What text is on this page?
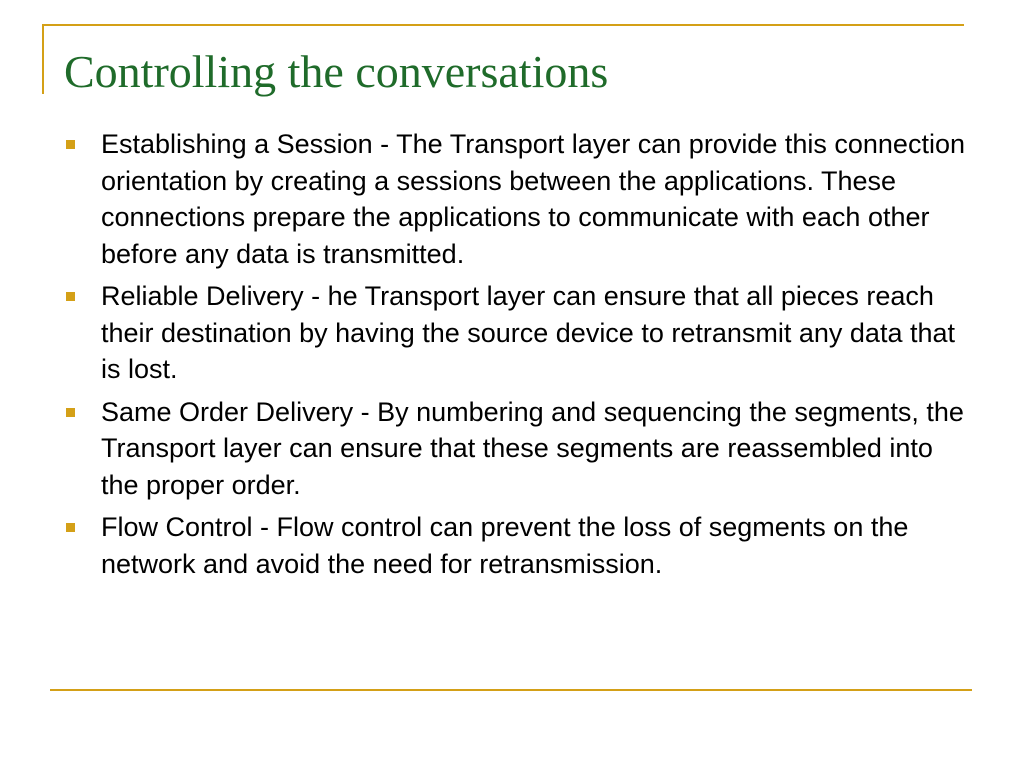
Controlling the conversations
Establishing a Session - The Transport layer can provide this connection orientation by creating a sessions between the applications. These connections prepare the applications to communicate with each other before any data is transmitted.
Reliable Delivery - he Transport layer can ensure that all pieces reach their destination by having the source device to retransmit any data that is lost.
Same Order Delivery - By numbering and sequencing the segments, the Transport layer can ensure that these segments are reassembled into the proper order.
Flow Control - Flow control can prevent the loss of segments on the network and avoid the need for retransmission.
